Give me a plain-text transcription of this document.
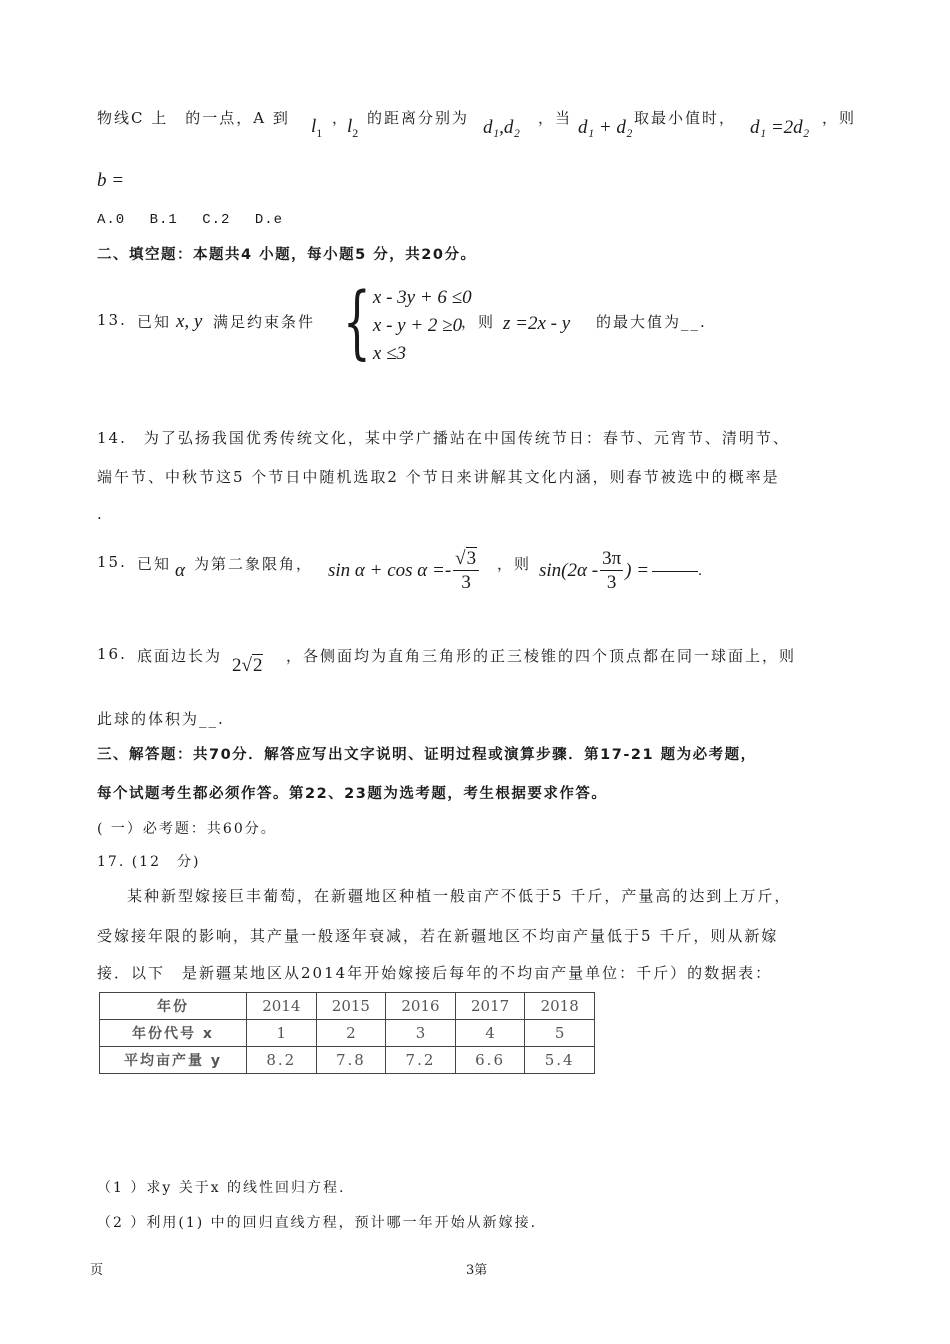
物线C 上　的一点，A 到 $l_1$
，
$l_2$
的距离分别为 d₁,d₂ ，当 d₁ + d₂ 取最小值时， d₁ =2d₂ ，则
b =
A.0　 B.1　 C.2　 D.e
二、填空题：本题共4 小题，每小题5 分，共20分。
13. 已知 x, y 满足约束条件 { x - 3y + 6 ≤0
x - y + 2 ≥0
x ≤3
，则 z =2x - y 的最大值为__.
14.　为了弘扬我国优秀传统文化，某中学广播站在中国传统节日：春节、元宵节、清明节、
端午节、中秋节这5 个节日中随机选取2 个节日来讲解其文化内涵，则春节被选中的概率是
.
15. 已知 α 为第二象限角， $\sin \alpha + \cos \alpha =- \frac{√3}{3}$ ，则 $\sin(2\alpha - \frac{3\pi}{3}$ ) =	.
16. 底面边长为 2√2 ，各侧面均为直角三角形的正三棱锥的四个顶点都在同一球面上，则
此球的体积为__.
三、解答题：共70分．解答应写出文字说明、证明过程或演算步骤．第17-21 题为必考题，
每个试题考生都必须作答。第22、23题为选考题，考生根据要求作答。
( 一）必考题：共60分。
17. (12　分)
某种新型嫁接巨丰葡萄，在新疆地区种植一般亩产不低于5 千斤，产量高的达到上万斤，
受嫁接年限的影响，其产量一般逐年衰减，若在新疆地区不均亩产量低于5 千斤，则从新嫁
接．以下　是新疆某地区从2014年开始嫁接后每年的不均亩产量单位：千斤）的数据表：
年份	2014	2015	2016	2017	2018
年份代号 x	1	2	3	4	5
平均亩产量 y	8.2	7.8	7.2	6.6	5.4
（1 ）求y 关于x 的线性回归方程.
（2 ）利用(1) 中的回归直线方程，预计哪一年开始从新嫁接.
页	3第
